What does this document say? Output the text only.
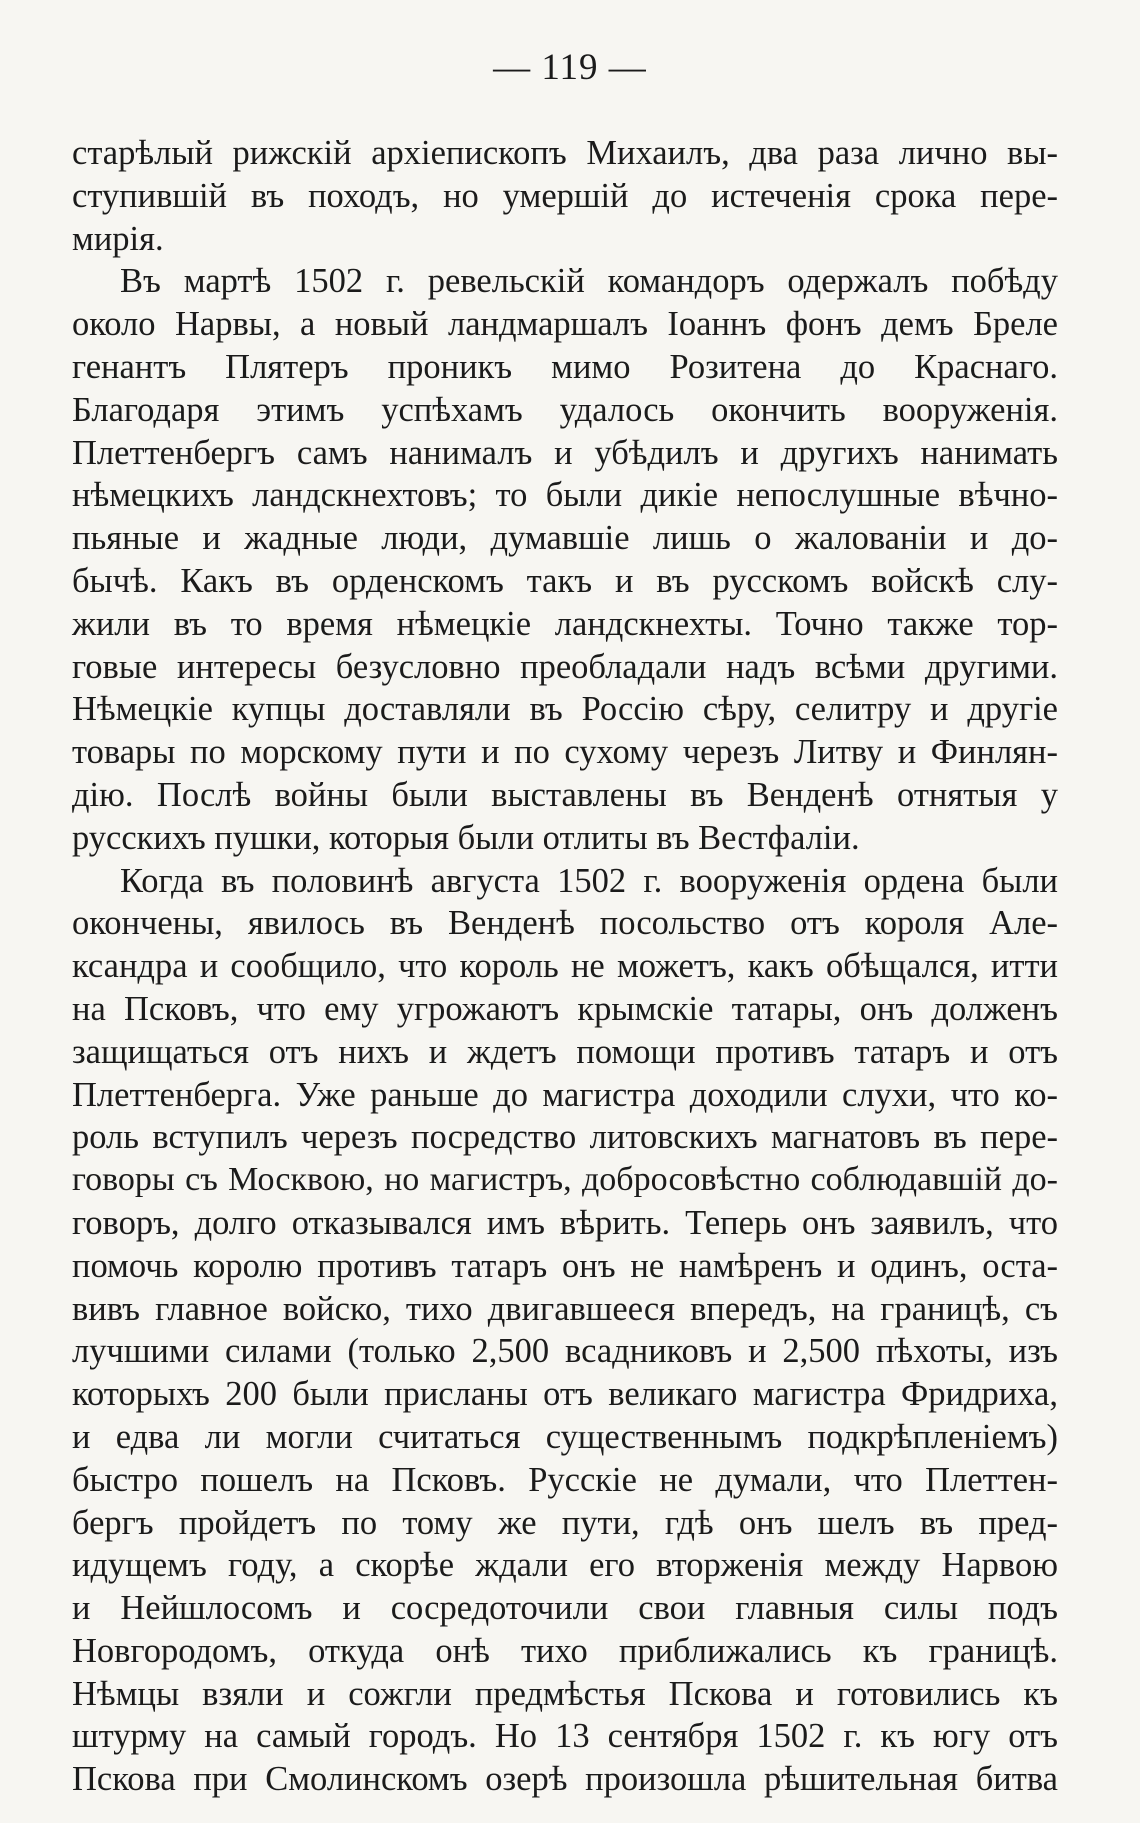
— 119 —
старѣлый рижскій архіепископъ Михаилъ, два раза лично вы-
ступившій въ походъ, но умершій до истеченія срока пере-
мирія.
Въ мартѣ 1502 г. ревельскій командоръ одержалъ побѣду
около Нарвы, а новый ландмаршалъ Іоаннъ фонъ демъ Бреле
генантъ Плятеръ проникъ мимо Розитена до Краснаго.
Благодаря этимъ успѣхамъ удалось окончить вооруженія.
Плеттенбергъ самъ нанималъ и убѣдилъ и другихъ нанимать
нѣмецкихъ ландскнехтовъ; то были дикіе непослушные вѣчно-
пьяные и жадные люди, думавшіе лишь о жалованіи и до-
бычѣ. Какъ въ орденскомъ такъ и въ русскомъ войскѣ слу-
жили въ то время нѣмецкіе ландскнехты. Точно также тор-
говые интересы безусловно преобладали надъ всѣми другими.
Нѣмецкіе купцы доставляли въ Россію сѣру, селитру и другіе
товары по морскому пути и по сухому черезъ Литву и Финлян-
дію. Послѣ войны были выставлены въ Венденѣ отнятыя у
русскихъ пушки, которыя были отлиты въ Вестфаліи.
Когда въ половинѣ августа 1502 г. вооруженія ордена были
окончены, явилось въ Венденѣ посольство отъ короля Але-
ксандра и сообщило, что король не можетъ, какъ обѣщался, итти
на Псковъ, что ему угрожаютъ крымскіе татары, онъ долженъ
защищаться отъ нихъ и ждетъ помощи противъ татаръ и отъ
Плеттенберга. Уже раньше до магистра доходили слухи, что ко-
роль вступилъ черезъ посредство литовскихъ магнатовъ въ пере-
говоры съ Москвою, но магистръ, добросовѣстно соблюдавшій до-
говоръ, долго отказывался имъ вѣрить. Теперь онъ заявилъ, что
помочь королю противъ татаръ онъ не намѣренъ и одинъ, оста-
вивъ главное войско, тихо двигавшееся впередъ, на границѣ, съ
лучшими силами (только 2,500 всадниковъ и 2,500 пѣхоты, изъ
которыхъ 200 были присланы отъ великаго магистра Фридриха,
и едва ли могли считаться существеннымъ подкрѣпленіемъ)
быстро пошелъ на Псковъ. Русскіе не думали, что Плеттен-
бергъ пройдетъ по тому же пути, гдѣ онъ шелъ въ пред-
идущемъ году, а скорѣе ждали его вторженія между Нарвою
и Нейшлосомъ и сосредоточили свои главныя силы подъ
Новгородомъ, откуда онѣ тихо приближались къ границѣ.
Нѣмцы взяли и сожгли предмѣстья Пскова и готовились къ
штурму на самый городъ. Но 13 сентября 1502 г. къ югу отъ
Пскова при Смолинскомъ озерѣ произошла рѣшительная битва
